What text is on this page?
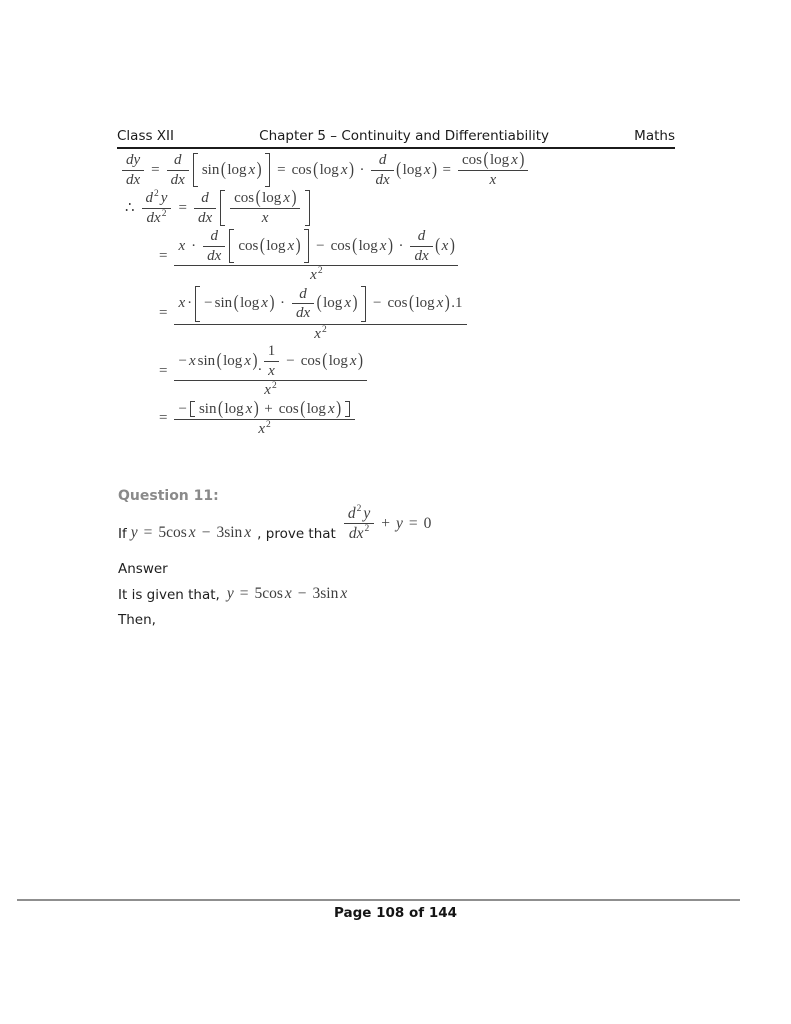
Class XII	Chapter 5 – Continuity and Differentiability	Maths
dy
dx
=
d
dx
sin ( log x ) = cos ( log x ) ·
d
dx ( log x ) =
cos ( log x )
x
∴
d 2 y
dx 2 =
d
dx
cos ( log x )
x
=
x ·
d
dx
cos ( log x ) − cos ( log x ) ·
d
dx ( x )
x 2
=
x · − sin ( log x ) ·
d
dx ( log x ) − cos ( log x ) .1
x 2
=
− x sin ( log x ) .
1
x
− cos ( log x )
x 2
=
− sin ( log x ) + cos ( log x )
x 2
Question 11:
If y = 5cos x − 3sin x , prove that
d 2 y
dx 2 + y = 0
Answer
It is given that, y = 5cos x − 3sin x
Then,
Page 108 of 144
